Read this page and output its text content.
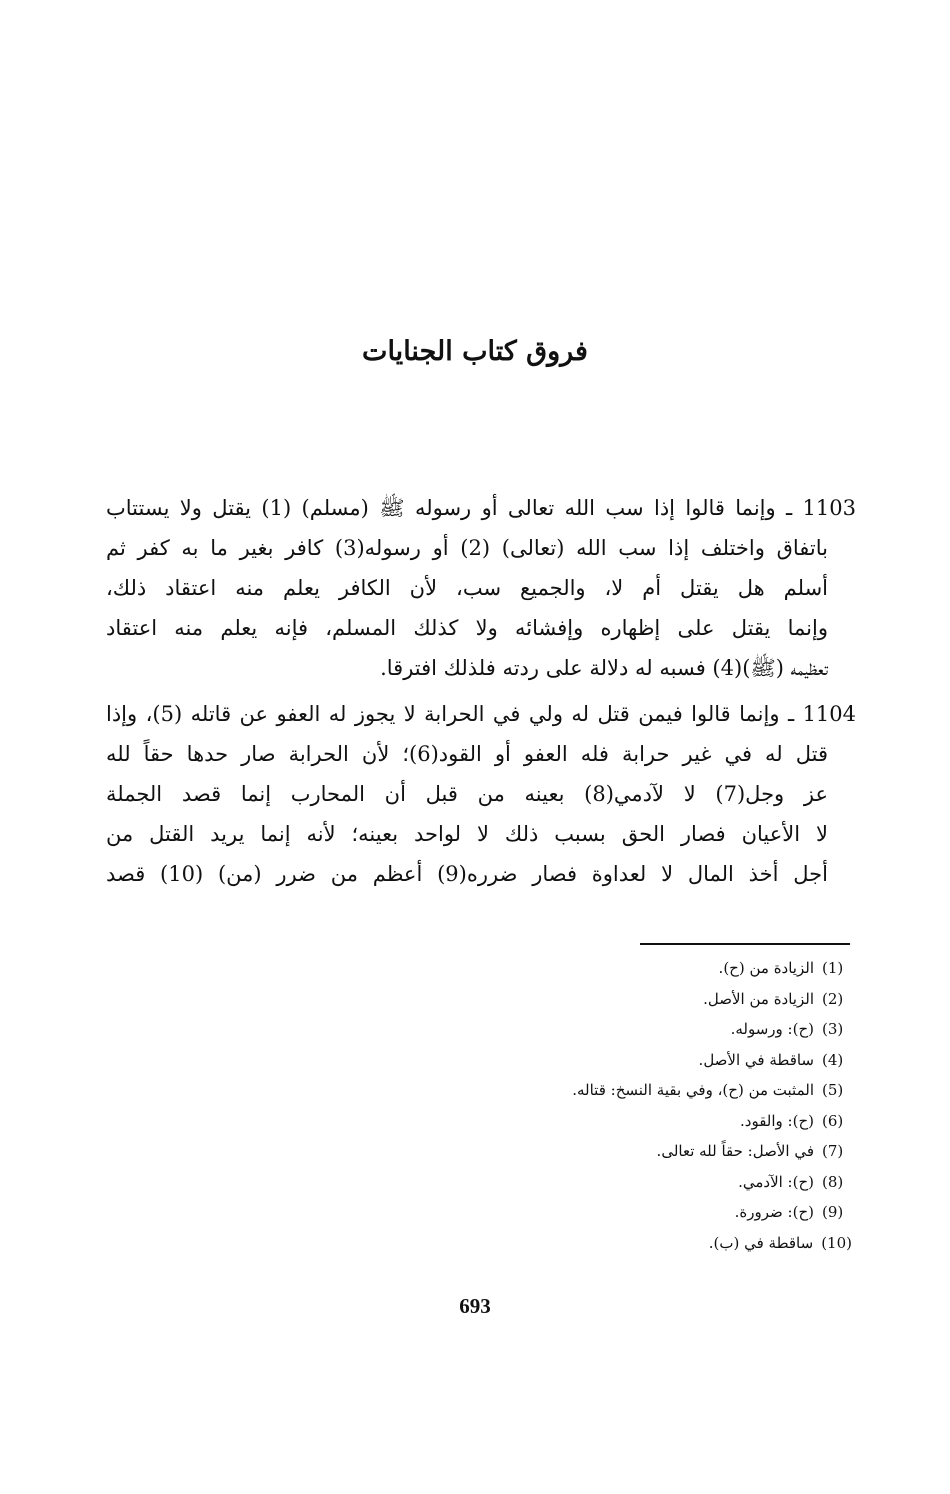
فروق كتاب الجنايات
1103 ـ وإنما قالوا إذا سب الله تعالى أو رسوله ﷺ (مسلم) (1) يقتل ولا يستتاب
باتفاق واختلف إذا سب الله (تعالى) (2) أو رسوله(3) كافر بغير ما به كفر ثم
أسلم هل يقتل أم لا، والجميع سب، لأن الكافر يعلم منه اعتقاد ذلك،
وإنما يقتل على إظهاره وإفشائه ولا كذلك المسلم، فإنه يعلم منه اعتقاد
تعظيمه (ﷺ)(4) فسبه له دلالة على ردته فلذلك افترقا.
1104 ـ وإنما قالوا فيمن قتل له ولي في الحرابة لا يجوز له العفو عن قاتله (5)، وإذا
قتل له في غير حرابة فله العفو أو القود(6)؛ لأن الحرابة صار حدها حقاً لله
عز وجل(7) لا لآدمي(8) بعينه من قبل أن المحارب إنما قصد الجملة
لا الأعيان فصار الحق بسبب ذلك لا لواحد بعينه؛ لأنه إنما يريد القتل من
أجل أخذ المال لا لعداوة فصار ضرره(9) أعظم من ضرر (من) (10) قصد
(1)الزيادة من (ح).
(2)الزيادة من الأصل.
(3)(ح): ورسوله.
(4)ساقطة في الأصل.
(5)المثبت من (ح)، وفي بقية النسخ: قتاله.
(6)(ح): والقود.
(7)في الأصل: حقاً لله تعالى.
(8)(ح): الآدمي.
(9)(ح): ضرورة.
(10)ساقطة في (ب).
693
